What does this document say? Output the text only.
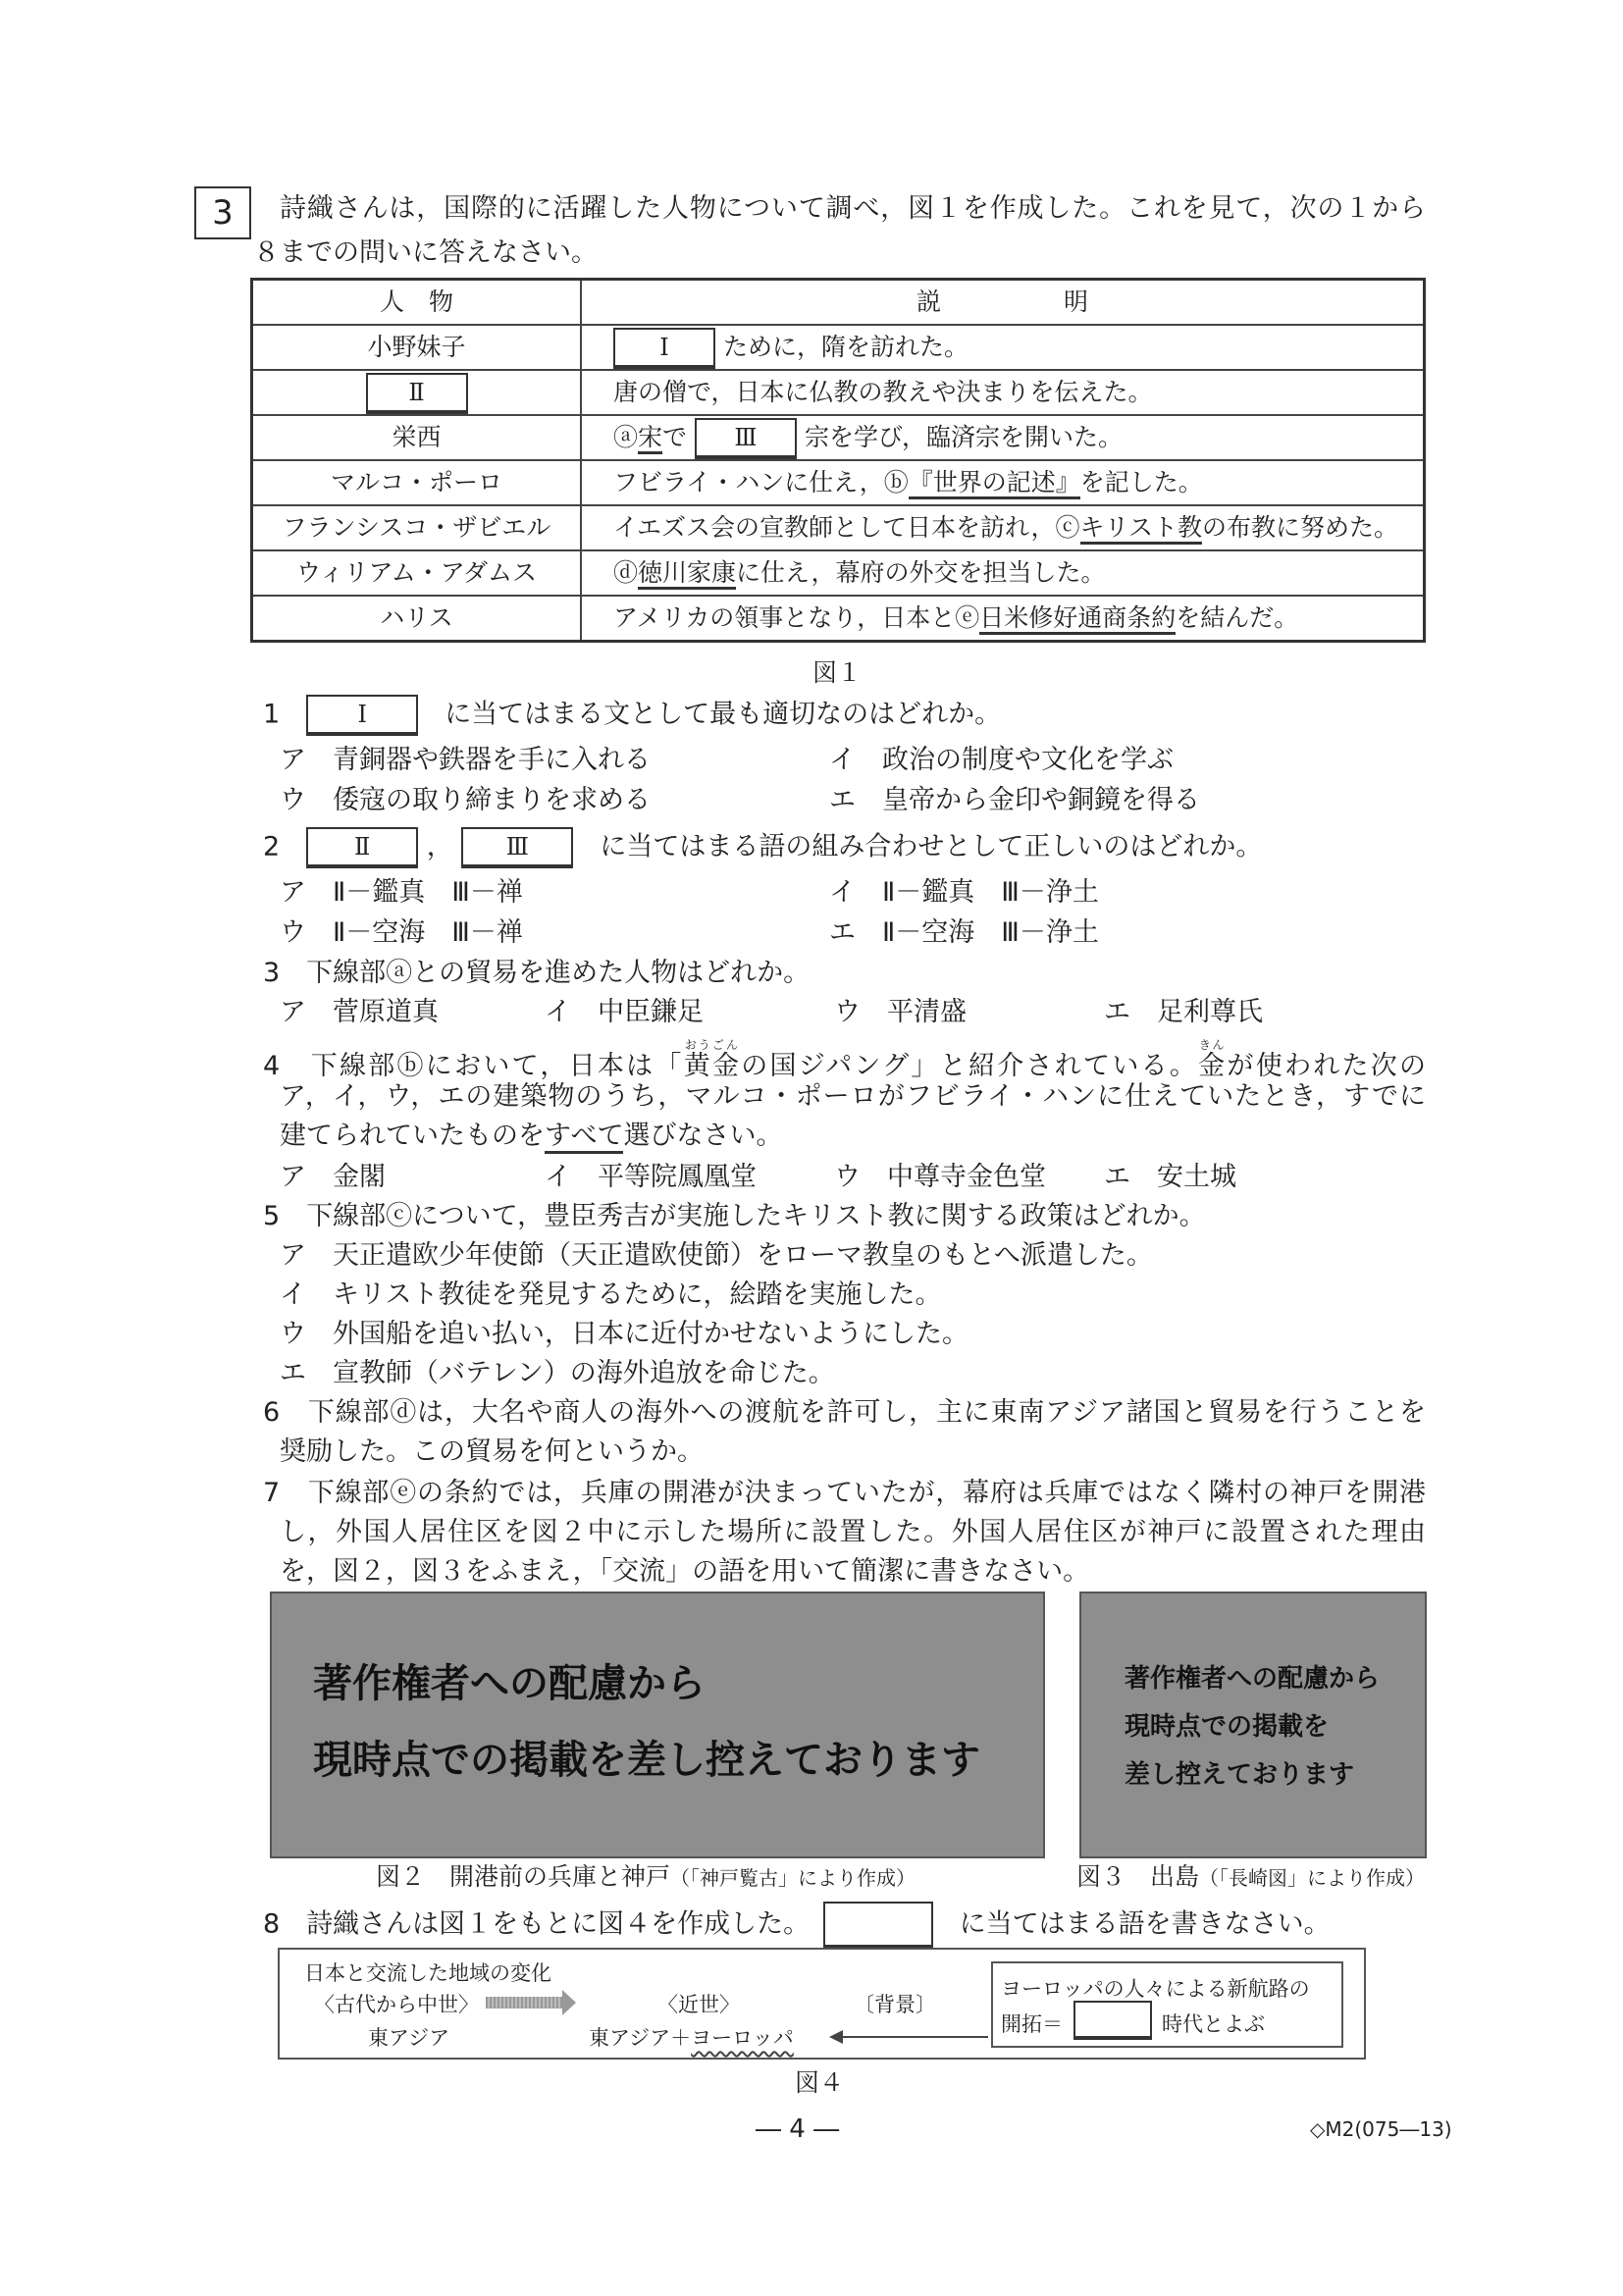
3	詩織さんは，国際的に活躍した人物について調べ，図１を作成した。これを見て，次の１から
８までの問いに答えなさい。
人　物	説　　　　　明
小野妹子	Ⅰ ために，隋を訪れた。
Ⅱ	唐の僧で，日本に仏教の教えや決まりを伝えた。
栄西	ⓐ宋で Ⅲ 宗を学び，臨済宗を開いた。
マルコ・ポーロ	フビライ・ハンに仕え，ⓑ『世界の記述』を記した。
フランシスコ・ザビエル	イエズス会の宣教師として日本を訪れ，ⓒキリスト教の布教に努めた。
ウィリアム・アダムス	ⓓ徳川家康に仕え，幕府の外交を担当した。
ハリス	アメリカの領事となり，日本とⓔ日米修好通商条約を結んだ。
図１
1　	Ⅰ　	に当てはまる文として最も適切なのはどれか。
ア　 青銅器や鉄器を手に入れる	イ　 政治の制度や文化を学ぶ
ウ　 倭寇の取り締まりを求める	エ　 皇帝から金印や銅鏡を得る
2　	Ⅱ ， Ⅲ　	に当てはまる語の組み合わせとして正しいのはどれか。
ア　 Ⅱ－鑑真　Ⅲ－禅	イ　 Ⅱ－鑑真　Ⅲ－浄土
ウ　 Ⅱ－空海　Ⅲ－禅	エ　 Ⅱ－空海　Ⅲ－浄土
3　 下線部ⓐとの貿易を進めた人物はどれか。
ア　 菅原道真	イ　 中臣鎌足	ウ　 平清盛	エ　 足利尊氏
4　 下線部ⓑにおいて，日本は「黄金おうごんの国ジパング」と紹介されている。金きんが使われた次の
ア，イ，ウ，エの建築物のうち，マルコ・ポーロがフビライ・ハンに仕えていたとき，すでに
建てられていたものをすべて選びなさい。
ア　 金閣	イ　 平等院鳳凰堂	ウ　 中尊寺金色堂 エ　 安土城
5　 下線部ⓒについて，豊臣秀吉が実施したキリスト教に関する政策はどれか。
ア　 天正遣欧少年使節（天正遣欧使節）をローマ教皇のもとへ派遣した。
イ　 キリスト教徒を発見するために，絵踏を実施した。
ウ　 外国船を追い払い，日本に近付かせないようにした。
エ　 宣教師（バテレン）の海外追放を命じた。
6　 下線部ⓓは，大名や商人の海外への渡航を許可し，主に東南アジア諸国と貿易を行うことを
奨励した。この貿易を何というか。
7　 下線部ⓔの条約では，兵庫の開港が決まっていたが，幕府は兵庫ではなく隣村の神戸を開港
し，外国人居住区を図２中に示した場所に設置した。外国人居住区が神戸に設置された理由
を，図２，図３をふまえ，「交流」の語を用いて簡潔に書きなさい。
著作権者への配慮から
現時点での掲載を差し控えております
著作権者への配慮から
現時点での掲載を
差し控えております
図２　開港前の兵庫と神戸（「神戸覧古」により作成）	図３　出島（「長崎図」により作成）
8　 詩織さんは図１をもとに図４を作成した。　　	に当てはまる語を書きなさい。
日本と交流した地域の変化
〈古代から中世〉	〈近世〉	〔背景〕
東アジア	東アジア＋ヨーロッパ
ヨーロッパの人々による新航路の
開拓＝	時代とよぶ
図４
― 4 ―	◇M2(075―13)
